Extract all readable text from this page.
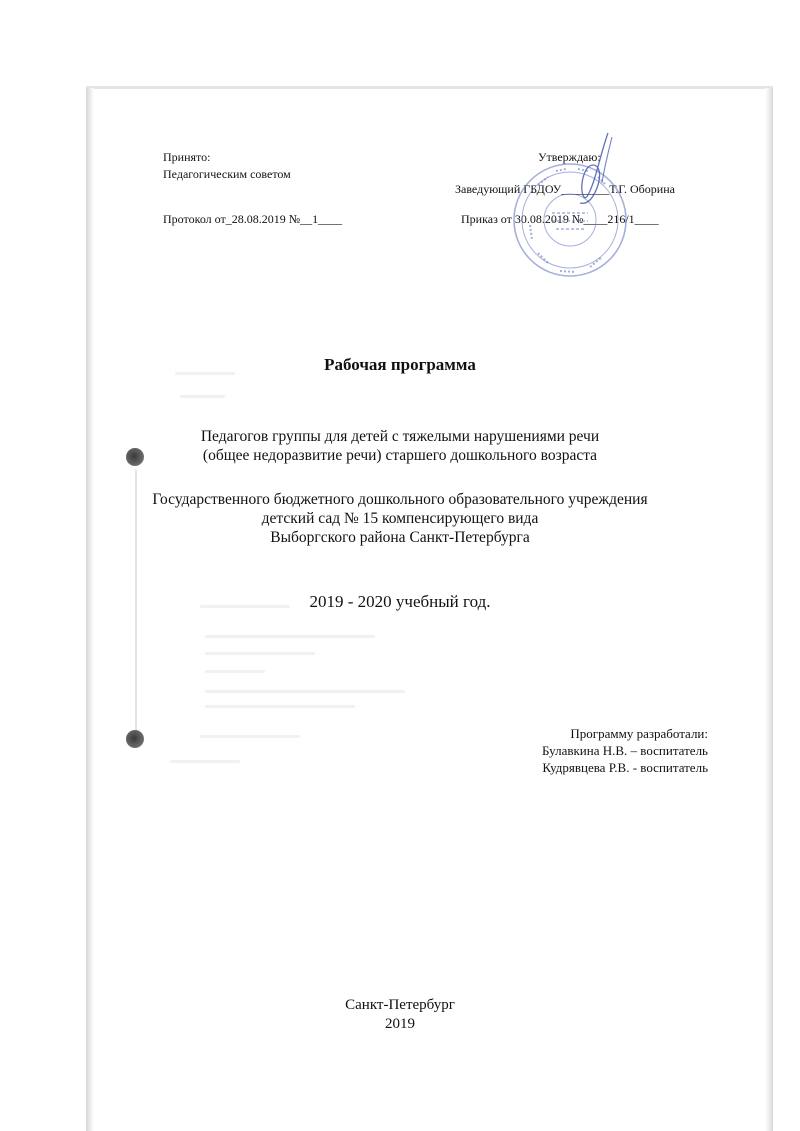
Принято:
Педагогическим советом
Протокол от_28.08.2019 №__1____
Утверждаю:
Заведующий ГБДОУ________Т.Г. Оборина
Приказ от 30.08.2019 №____216/1____
Рабочая программа
Педагогов группы для детей с тяжелыми нарушениями речи
(общее недоразвитие речи) старшего дошкольного возраста
Государственного бюджетного дошкольного образовательного учреждения
детский сад № 15 компенсирующего вида
Выборгского района Санкт-Петербурга
2019 - 2020 учебный год.
Программу разработали:
Булавкина Н.В. – воспитатель
Кудрявцева Р.В. - воспитатель
Санкт-Петербург
2019
